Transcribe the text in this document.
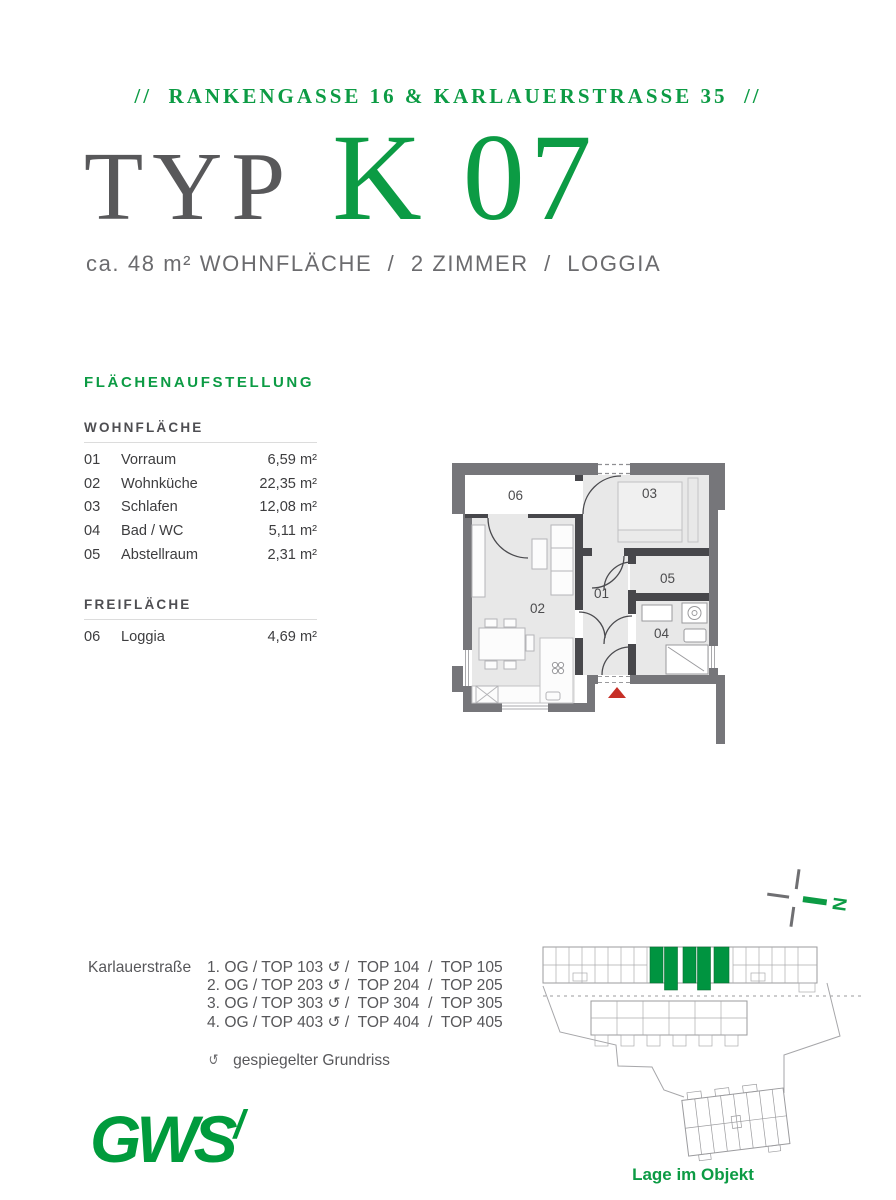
//  RANKENGASSE 16 & KARLAUERSTRASSE 35  //
TYP K 07
ca. 48 m² WOHNFLÄCHE  /  2 ZIMMER  /  LOGGIA
FLÄCHENAUFSTELLUNG
WOHNFLÄCHE
01	Vorraum	6,59 m²
02	Wohnküche	22,35 m²
03	Schlafen	12,08 m²
04	Bad / WC	5,11 m²
05	Abstellraum	2,31 m²
FREIFLÄCHE
06	Loggia	4,69 m²
06	03
02
01
05
04
N
Karlauerstraße 1. OG / TOP 103 ↺ /  TOP 104  /  TOP 105
2. OG / TOP 203 ↺ /  TOP 204  /  TOP 205
3. OG / TOP 303 ↺ /  TOP 304  /  TOP 305
4. OG / TOP 403 ↺ /  TOP 404  /  TOP 405
↺ gespiegelter Grundriss
GWS/
Lage im Objekt
